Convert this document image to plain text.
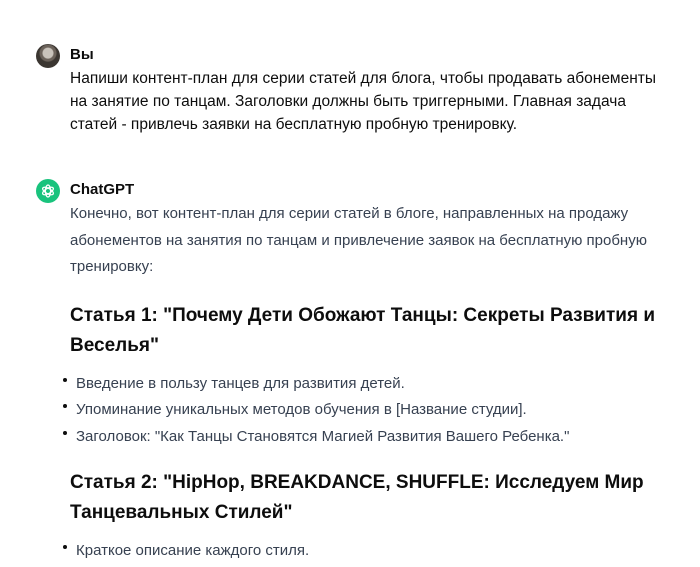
Вы
Напиши контент-план для серии статей для блога, чтобы продавать абонементы на занятие по танцам. Заголовки должны быть триггерными. Главная задача статей - привлечь заявки на бесплатную пробную тренировку.
ChatGPT
Конечно, вот контент-план для серии статей в блоге, направленных на продажу абонементов на занятия по танцам и привлечение заявок на бесплатную пробную тренировку:
Статья 1: "Почему Дети Обожают Танцы: Секреты Развития и Веселья"
Введение в пользу танцев для развития детей.
Упоминание уникальных методов обучения в [Название студии].
Заголовок: "Как Танцы Становятся Магией Развития Вашего Ребенка."
Статья 2: "HipHop, BREAKDANCE, SHUFFLE: Исследуем Мир Танцевальных Стилей"
Краткое описание каждого стиля.
